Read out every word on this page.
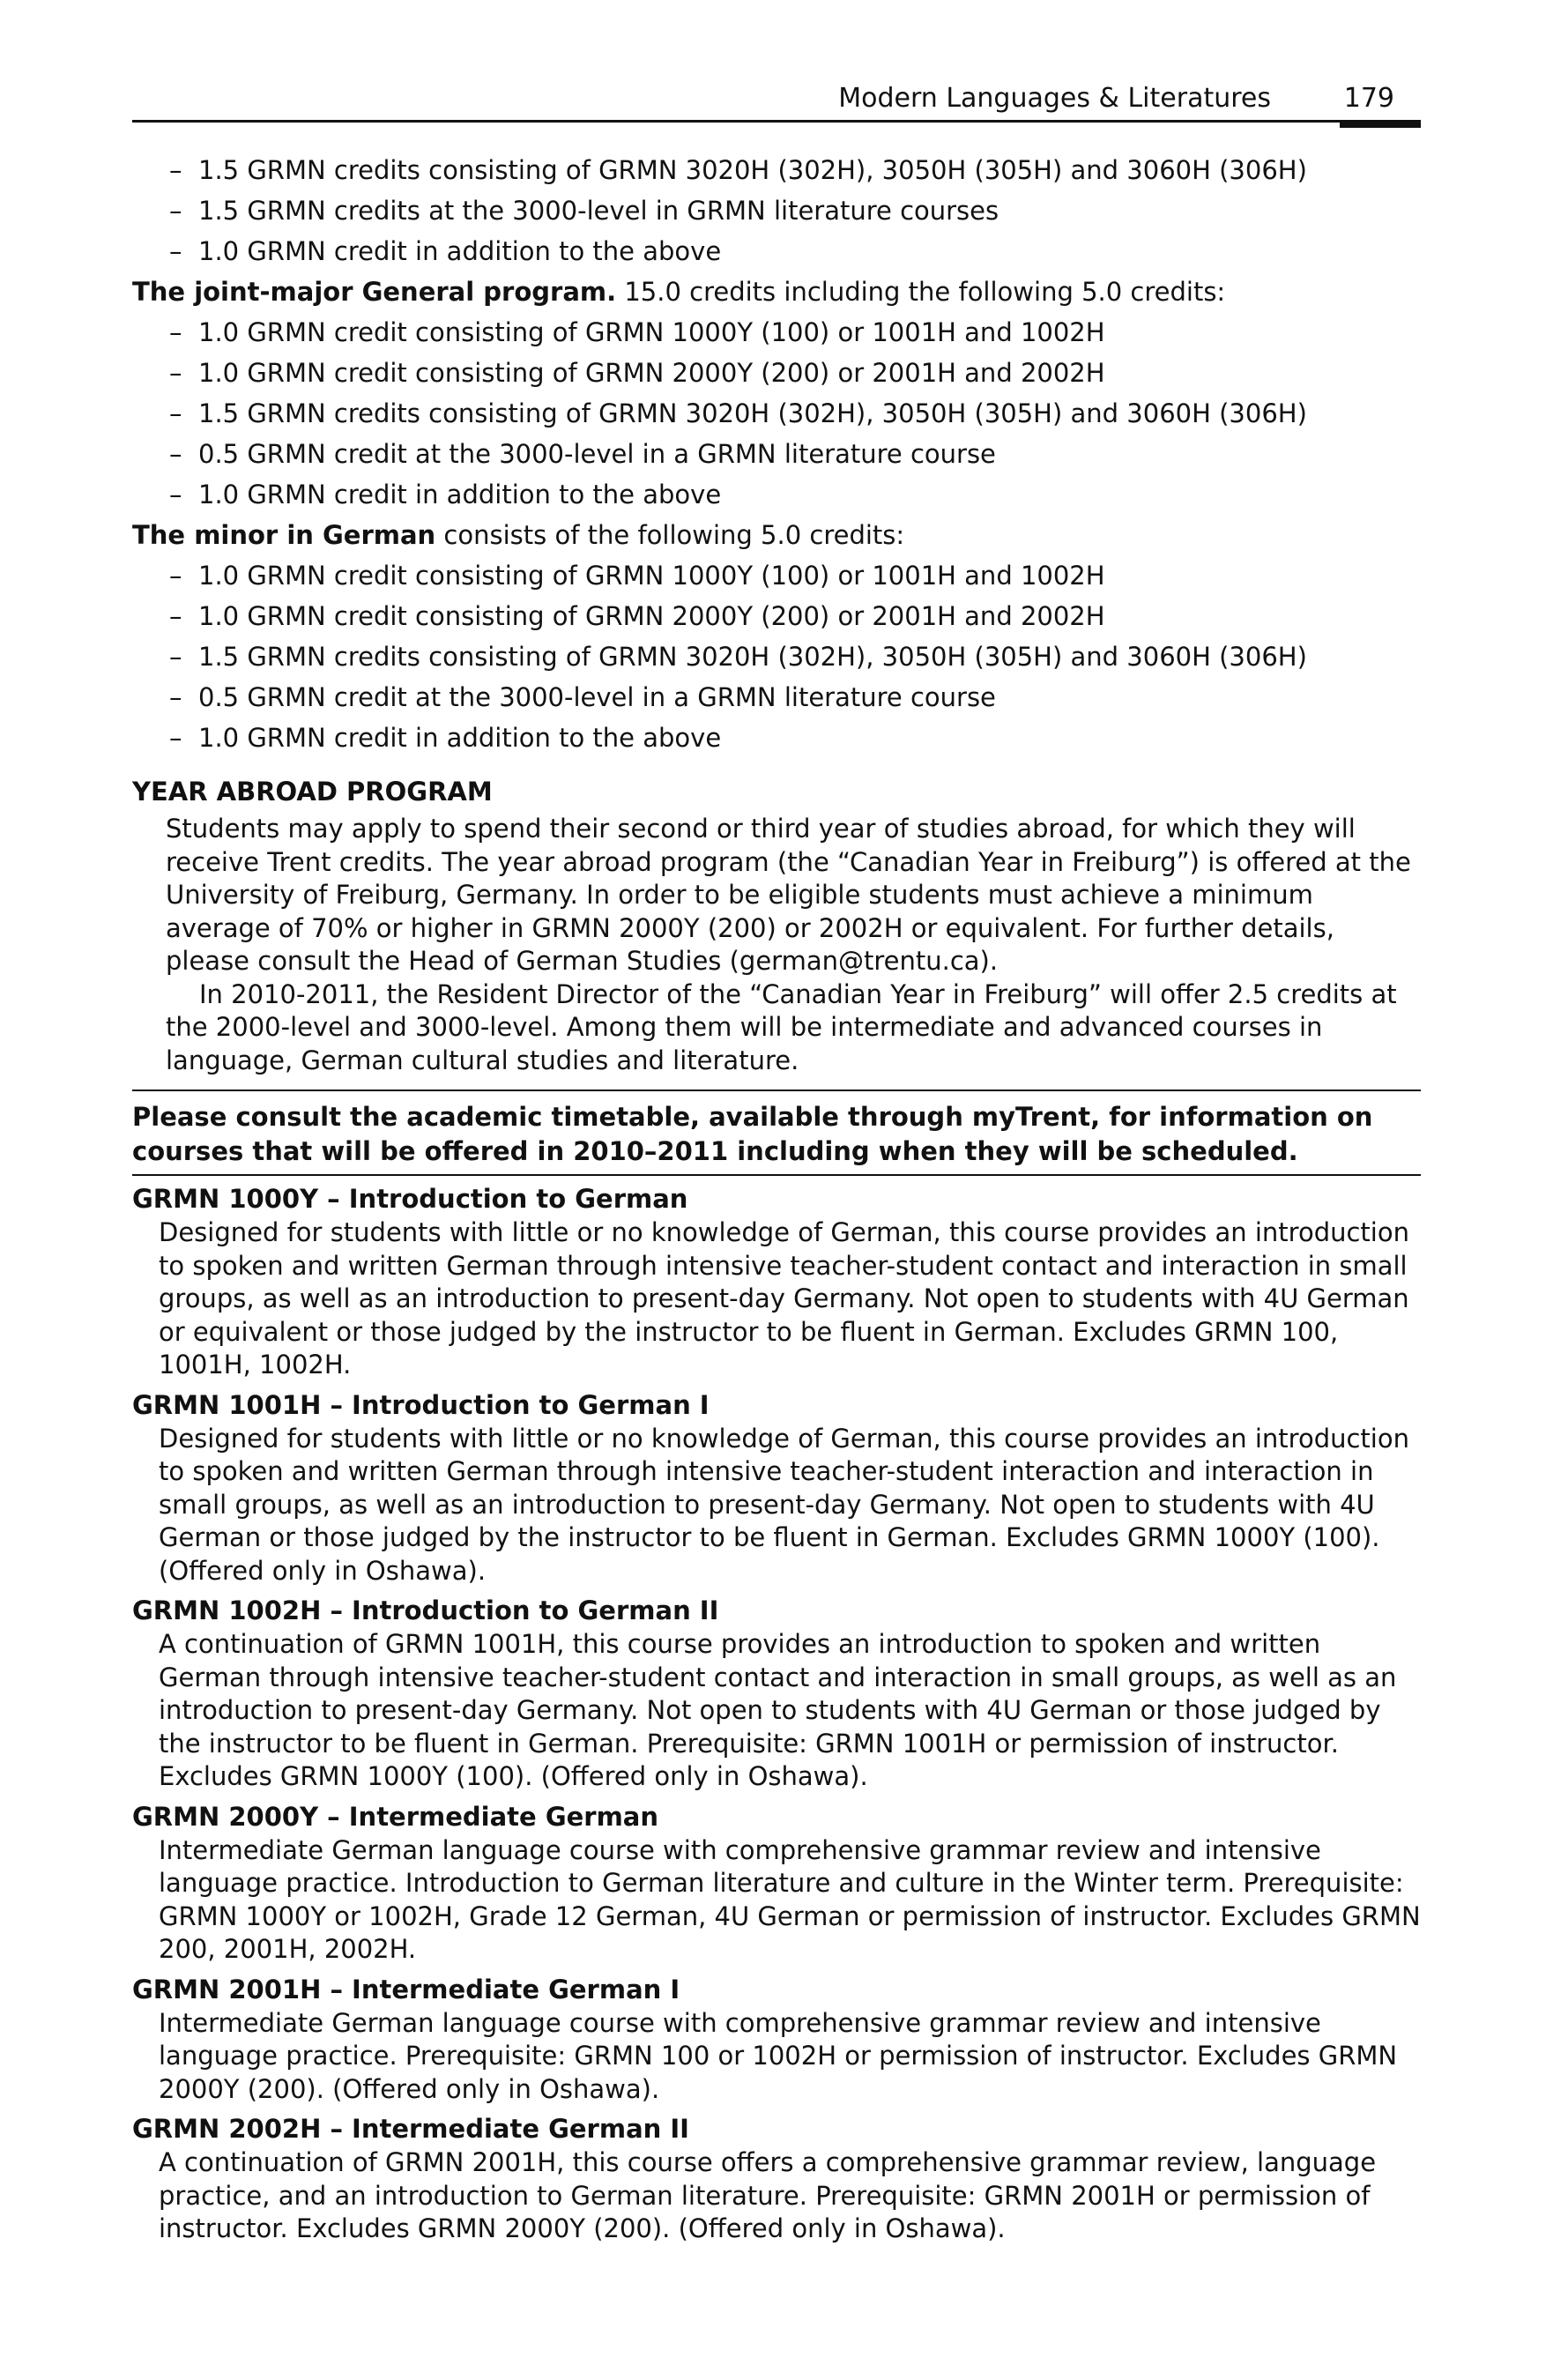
Modern Languages & Literatures	179
– 1.5 GRMN credits consisting of GRMN 3020H (302H), 3050H (305H) and 3060H (306H)
– 1.5 GRMN credits at the 3000-level in GRMN literature courses
– 1.0 GRMN credit in addition to the above
The joint-major General program. 15.0 credits including the following 5.0 credits:
– 1.0 GRMN credit consisting of GRMN 1000Y (100) or 1001H and 1002H
– 1.0 GRMN credit consisting of GRMN 2000Y (200) or 2001H and 2002H
– 1.5 GRMN credits consisting of GRMN 3020H (302H), 3050H (305H) and 3060H (306H)
– 0.5 GRMN credit at the 3000-level in a GRMN literature course
– 1.0 GRMN credit in addition to the above
The minor in German consists of the following 5.0 credits:
– 1.0 GRMN credit consisting of GRMN 1000Y (100) or 1001H and 1002H
– 1.0 GRMN credit consisting of GRMN 2000Y (200) or 2001H and 2002H
– 1.5 GRMN credits consisting of GRMN 3020H (302H), 3050H (305H) and 3060H (306H)
– 0.5 GRMN credit at the 3000-level in a GRMN literature course
– 1.0 GRMN credit in addition to the above
YEAR ABROAD PROGRAM
Students may apply to spend their second or third year of studies abroad, for which they will receive Trent credits. The year abroad program (the “Canadian Year in Freiburg”) is offered at the University of Freiburg, Germany. In order to be eligible students must achieve a minimum average of 70% or higher in GRMN 2000Y (200) or 2002H or equivalent. For further details, please consult the Head of German Studies (german@trentu.ca).
In 2010-2011, the Resident Director of the “Canadian Year in Freiburg” will offer 2.5 credits at the 2000-level and 3000-level. Among them will be intermediate and advanced courses in language, German cultural studies and literature.
Please consult the academic timetable, available through myTrent, for information on courses that will be offered in 2010–2011 including when they will be scheduled.
GRMN 1000Y – Introduction to German
Designed for students with little or no knowledge of German, this course provides an introduction to spoken and written German through intensive teacher-student contact and interaction in small groups, as well as an introduction to present-day Germany. Not open to students with 4U German or equivalent or those judged by the instructor to be fluent in German. Excludes GRMN 100, 1001H, 1002H.
GRMN 1001H – Introduction to German I
Designed for students with little or no knowledge of German, this course provides an introduction to spoken and written German through intensive teacher-student interaction and interaction in small groups, as well as an introduction to present-day Germany. Not open to students with 4U German or those judged by the instructor to be fluent in German. Excludes GRMN 1000Y (100). (Offered only in Oshawa).
GRMN 1002H – Introduction to German II
A continuation of GRMN 1001H, this course provides an introduction to spoken and written German through intensive teacher-student contact and interaction in small groups, as well as an introduction to present-day Germany. Not open to students with 4U German or those judged by the instructor to be fluent in German. Prerequisite: GRMN 1001H or permission of instructor. Excludes GRMN 1000Y (100). (Offered only in Oshawa).
GRMN 2000Y – Intermediate German
Intermediate German language course with comprehensive grammar review and intensive language practice. Introduction to German literature and culture in the Winter term. Prerequisite: GRMN 1000Y or 1002H, Grade 12 German, 4U German or permission of instructor. Excludes GRMN 200, 2001H, 2002H.
GRMN 2001H – Intermediate German I
Intermediate German language course with comprehensive grammar review and intensive language practice. Prerequisite: GRMN 100 or 1002H or permission of instructor. Excludes GRMN 2000Y (200). (Offered only in Oshawa).
GRMN 2002H – Intermediate German II
A continuation of GRMN 2001H, this course offers a comprehensive grammar review, language practice, and an introduction to German literature. Prerequisite: GRMN 2001H or permission of instructor. Excludes GRMN 2000Y (200). (Offered only in Oshawa).
